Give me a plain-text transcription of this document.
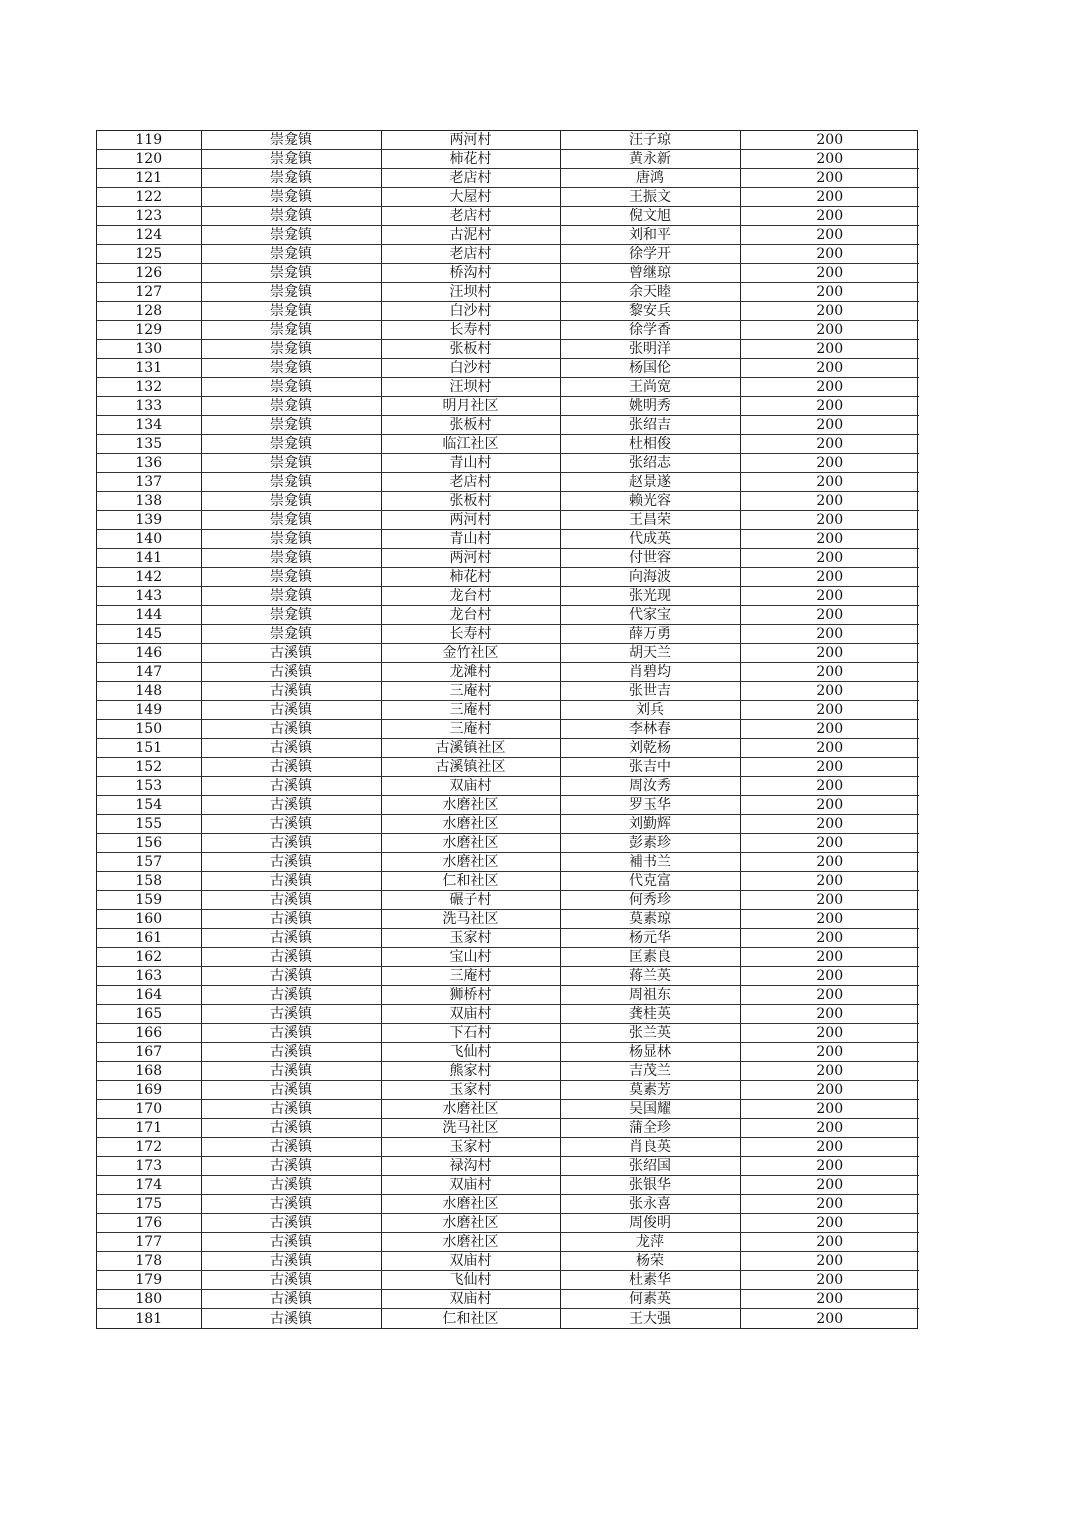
119	崇龛镇	两河村	汪子琼	200
120	崇龛镇	柿花村	黄永新	200
121	崇龛镇	老店村	唐鸿	200
122	崇龛镇	大屋村	王振文	200
123	崇龛镇	老店村	倪文旭	200
124	崇龛镇	古泥村	刘和平	200
125	崇龛镇	老店村	徐学开	200
126	崇龛镇	桥沟村	曾继琼	200
127	崇龛镇	汪坝村	余天睦	200
128	崇龛镇	白沙村	黎安兵	200
129	崇龛镇	长寿村	徐学香	200
130	崇龛镇	张板村	张明洋	200
131	崇龛镇	白沙村	杨国伦	200
132	崇龛镇	汪坝村	王尚宽	200
133	崇龛镇	明月社区	姚明秀	200
134	崇龛镇	张板村	张绍吉	200
135	崇龛镇	临江社区	杜相俊	200
136	崇龛镇	青山村	张绍志	200
137	崇龛镇	老店村	赵景遂	200
138	崇龛镇	张板村	赖光容	200
139	崇龛镇	两河村	王昌荣	200
140	崇龛镇	青山村	代成英	200
141	崇龛镇	两河村	付世容	200
142	崇龛镇	柿花村	向海波	200
143	崇龛镇	龙台村	张光现	200
144	崇龛镇	龙台村	代家宝	200
145	崇龛镇	长寿村	薛万勇	200
146	古溪镇	金竹社区	胡天兰	200
147	古溪镇	龙滩村	肖碧均	200
148	古溪镇	三庵村	张世吉	200
149	古溪镇	三庵村	刘兵	200
150	古溪镇	三庵村	李林春	200
151	古溪镇	古溪镇社区	刘乾杨	200
152	古溪镇	古溪镇社区	张吉中	200
153	古溪镇	双庙村	周汝秀	200
154	古溪镇	水磨社区	罗玉华	200
155	古溪镇	水磨社区	刘勤辉	200
156	古溪镇	水磨社区	彭素珍	200
157	古溪镇	水磨社区	補书兰	200
158	古溪镇	仁和社区	代克富	200
159	古溪镇	碾子村	何秀珍	200
160	古溪镇	洗马社区	莫素琼	200
161	古溪镇	玉家村	杨元华	200
162	古溪镇	宝山村	匡素良	200
163	古溪镇	三庵村	蒋兰英	200
164	古溪镇	狮桥村	周祖东	200
165	古溪镇	双庙村	龚桂英	200
166	古溪镇	下石村	张兰英	200
167	古溪镇	飞仙村	杨显林	200
168	古溪镇	熊家村	吉茂兰	200
169	古溪镇	玉家村	莫素芳	200
170	古溪镇	水磨社区	吴国耀	200
171	古溪镇	洗马社区	蒲全珍	200
172	古溪镇	玉家村	肖良英	200
173	古溪镇	禄沟村	张绍国	200
174	古溪镇	双庙村	张银华	200
175	古溪镇	水磨社区	张永喜	200
176	古溪镇	水磨社区	周俊明	200
177	古溪镇	水磨社区	龙萍	200
178	古溪镇	双庙村	杨荣	200
179	古溪镇	飞仙村	杜素华	200
180	古溪镇	双庙村	何素英	200
181	古溪镇	仁和社区	王大强	200
